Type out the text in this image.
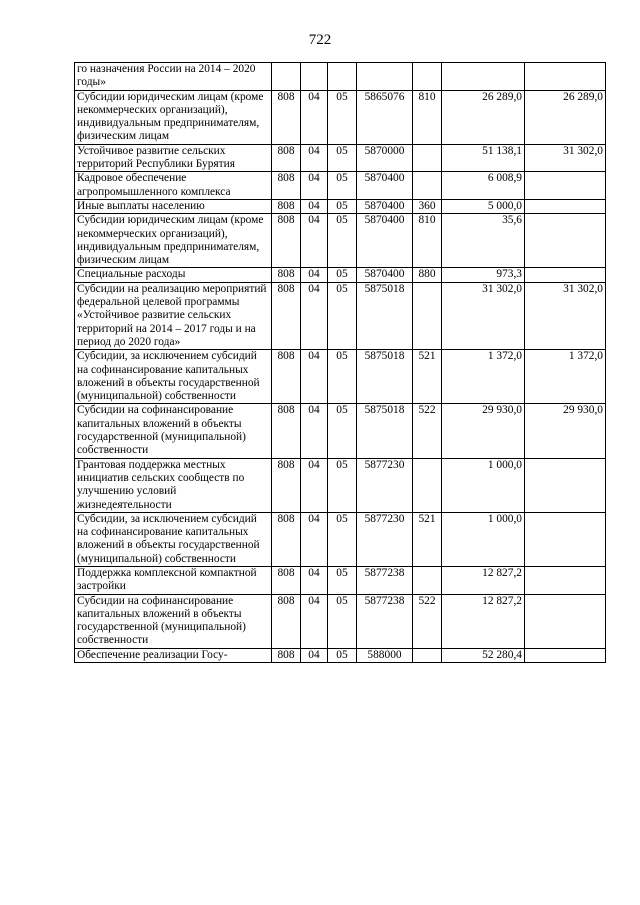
722
го назначения России на 2014 – 2020 годы»							
Субсидии юридическим лицам (кроме некоммерческих организаций), индивидуальным предпринимателям, физическим лицам	808	04	05	5865076	810	26 289,0	26 289,0
Устойчивое развитие сельских территорий Республики Бурятия	808	04	05	5870000		51 138,1	31 302,0
Кадровое обеспечение агропромышленного комплекса	808	04	05	5870400		6 008,9	
Иные выплаты населению	808	04	05	5870400	360	5 000,0	
Субсидии юридическим лицам (кроме некоммерческих организаций), индивидуальным предпринимателям, физическим лицам	808	04	05	5870400	810	35,6	
Специальные расходы	808	04	05	5870400	880	973,3	
Субсидии на реализацию мероприятий федеральной целевой программы «Устойчивое развитие сельских территорий на 2014 – 2017 годы и на период до 2020 года»	808	04	05	5875018		31 302,0	31 302,0
Субсидии, за исключением субсидий на софинансирование капитальных вложений в объекты государственной (муниципальной) собственности	808	04	05	5875018	521	1 372,0	1 372,0
Субсидии на софинансирование капитальных вложений в объекты государственной (муниципальной) собственности	808	04	05	5875018	522	29 930,0	29 930,0
Грантовая поддержка местных инициатив сельских сообществ по улучшению условий жизнедеятельности	808	04	05	5877230		1 000,0	
Субсидии, за исключением субсидий на софинансирование капитальных вложений в объекты государственной (муниципальной) собственности	808	04	05	5877230	521	1 000,0	
Поддержка комплексной компактной застройки	808	04	05	5877238		12 827,2	
Субсидии на софинансирование капитальных вложений в объекты государственной (муниципальной) собственности	808	04	05	5877238	522	12 827,2	
Обеспечение реализации Госу-	808	04	05	588000		52 280,4	
